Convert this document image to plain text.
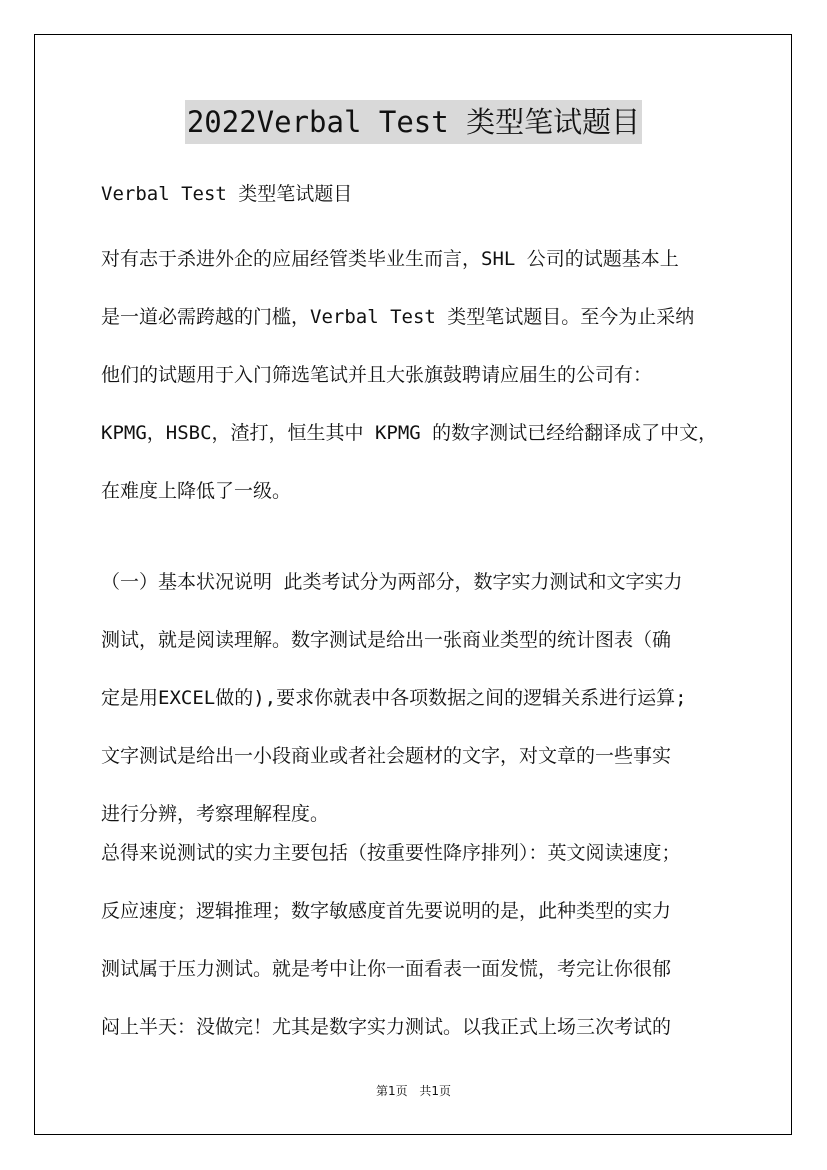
2022Verbal Test 类型笔试题目
Verbal Test 类型笔试题目
对有志于杀进外企的应届经管类毕业生而言，SHL 公司的试题基本上
是一道必需跨越的门槛，Verbal Test 类型笔试题目。至今为止采纳
他们的试题用于入门筛选笔试并且大张旗鼓聘请应届生的公司有：
KPMG，HSBC，渣打，恒生其中 KPMG 的数字测试已经给翻译成了中文，
在难度上降低了一级。
（一）基本状况说明 此类考试分为两部分，数字实力测试和文字实力
测试，就是阅读理解。数字测试是给出一张商业类型的统计图表（确
定是用EXCEL做的),要求你就表中各项数据之间的逻辑关系进行运算;
文字测试是给出一小段商业或者社会题材的文字，对文章的一些事实
进行分辨，考察理解程度。
总得来说测试的实力主要包括（按重要性降序排列）：英文阅读速度；
反应速度；逻辑推理；数字敏感度首先要说明的是，此种类型的实力
测试属于压力测试。就是考中让你一面看表一面发慌，考完让你很郁
闷上半天：没做完！尤其是数字实力测试。以我正式上场三次考试的
第1页 共1页
